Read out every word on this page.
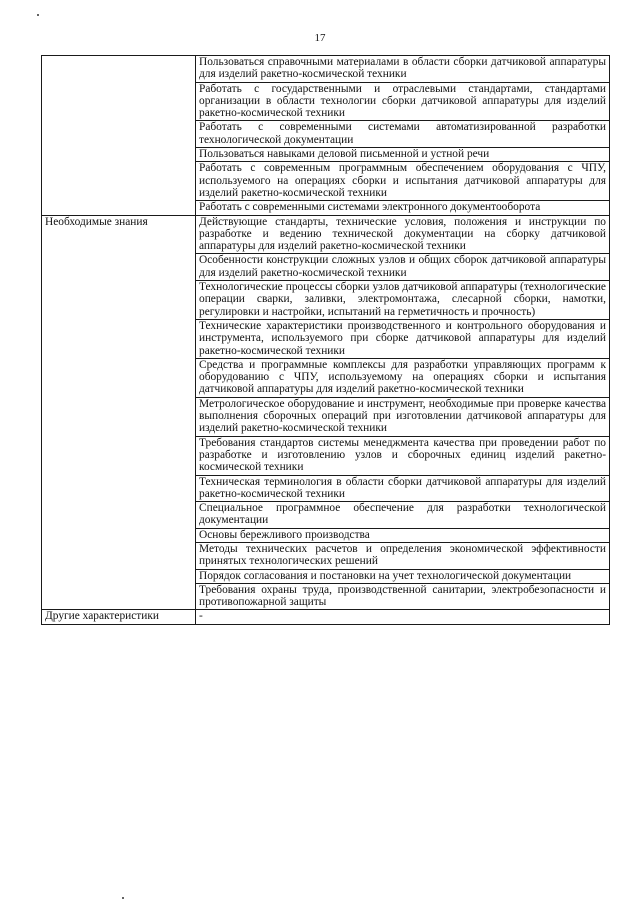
17
	Пользоваться справочными материалами в области сборки датчиковой аппаратуры для изделий ракетно-космической техники
	Работать с государственными и отраслевыми стандартами, стандартами организации в области технологии сборки датчиковой аппаратуры для изделий ракетно-космической техники
	Работать с современными системами автоматизированной разработки технологической документации
	Пользоваться навыками деловой письменной и устной речи
	Работать с современным программным обеспечением оборудования с ЧПУ, используемого на операциях сборки и испытания датчиковой аппаратуры для изделий ракетно-космической техники
	Работать с современными системами электронного документооборота
Необходимые знания	Действующие стандарты, технические условия, положения и инструкции по разработке и ведению технической документации на сборку датчиковой аппаратуры для изделий ракетно-космической техники
	Особенности конструкции сложных узлов и общих сборок датчиковой аппаратуры для изделий ракетно-космической техники
	Технологические процессы сборки узлов датчиковой аппаратуры (технологические операции сварки, заливки, электромонтажа, слесарной сборки, намотки, регулировки и настройки, испытаний на герметичность и прочность)
	Технические характеристики производственного и контрольного оборудования и инструмента, используемого при сборке датчиковой аппаратуры для изделий ракетно-космической техники
	Средства и программные комплексы для разработки управляющих программ к оборудованию с ЧПУ, используемому на операциях сборки и испытания датчиковой аппаратуры для изделий ракетно-космической техники
	Метрологическое оборудование и инструмент, необходимые при проверке качества выполнения сборочных операций при изготовлении датчиковой аппаратуры для изделий ракетно-космической техники
	Требования стандартов системы менеджмента качества при проведении работ по разработке и изготовлению узлов и сборочных единиц изделий ракетно-космической техники
	Техническая терминология в области сборки датчиковой аппаратуры для изделий ракетно-космической техники
	Специальное программное обеспечение для разработки технологической документации
	Основы бережливого производства
	Методы технических расчетов и определения экономической эффективности принятых технологических решений
	Порядок согласования и постановки на учет технологической документации
	Требования охраны труда, производственной санитарии, электробезопасности и противопожарной защиты
Другие характеристики	-
